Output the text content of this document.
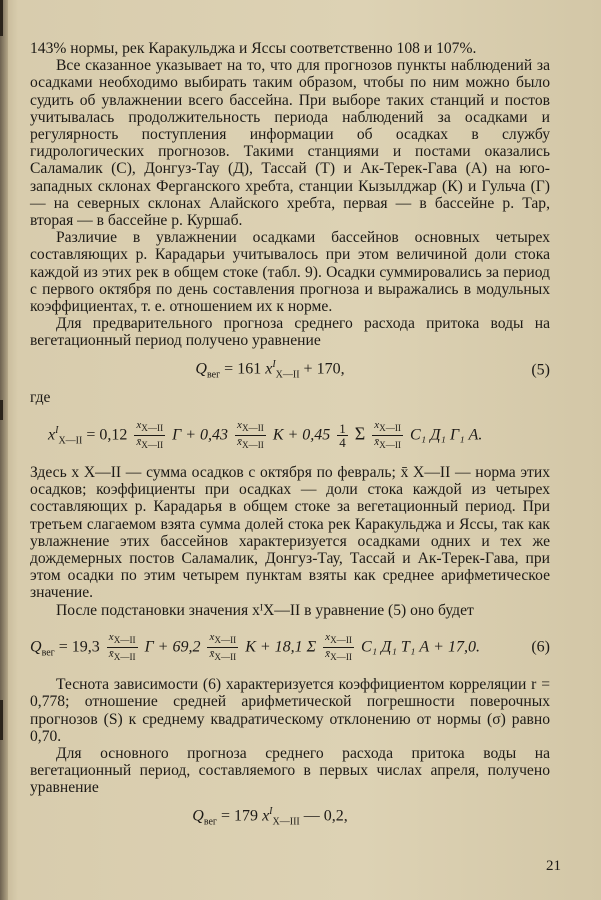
143% нормы, рек Каракульджа и Яссы соответственно 108 и 107%.

Все сказанное указывает на то, что для прогнозов пункты наблюдений за осадками необходимо выбирать таким образом, чтобы по ним можно было судить об увлажнении всего бассейна. При выборе таких станций и постов учитывалась продолжительность периода наблюдений за осадками и регулярность поступления информации об осадках в службу гидрологических прогнозов. Такими станциями и постами оказались Саламалик (С), Донгуз-Тау (Д), Тассай (Т) и Ак-Терек-Гава (А) на юго-западных склонах Ферганского хребта, станции Кызылджар (К) и Гульча (Г) — на северных склонах Алайского хребта, первая — в бассейне р. Тар, вторая — в бассейне р. Куршаб.

Различие в увлажнении осадками бассейнов основных четырех составляющих р. Карадарьи учитывалось при этом величиной доли стока каждой из этих рек в общем стоке (табл. 9). Осадки суммировались за период с первого октября по день составления прогноза и выражались в модульных коэффициентах, т. е. отношением их к норме.

Для предварительного прогноза среднего расхода притока воды на вегетационный период получено уравнение

$Q_{вег} = 161$ $x^I_{X—II} + 170$,	(5)

где

$x^I_{X—II} = 0,12 \frac{x_{X—II}}{x̄_{X—II}}$ $Г + 0,43 \frac{x_{X—II}}{x̄_{X—II}}$ $К + 0,45 \frac{1}{4}$ Σ $\frac{x_{X—II}}{x̄_{X—II}} С_1$ Д₁ Г₁ А.

Здесь x X—II — сумма осадков с октября по февраль; x̄ X—II — норма этих осадков; коэффициенты при осадках — доли стока каждой из четырех составляющих р. Карадарья в общем стоке за вегетационный период. При третьем слагаемом взята сумма долей стока рек Каракульджа и Яссы, так как увлажнение этих бассейнов характеризуется осадками одних и тех же дождемерных постов Саламалик, Донгуз-Тау, Тассай и Ак-Терек-Гава, при этом осадки по этим четырем пунктам взяты как среднее арифметическое значение.

После подстановки значения xᴵX—II в уравнение (5) оно будет

$Q_{вег} = 19,3 \frac{x_{X—II}}{x̄_{X—II}}$ $Г + 69,2 \frac{x_{X—II}}{x̄_{X—II}}$ К + 18,1 Σ $\frac{x_{X—II}}{x̄_{X—II}} С_1$ Д₁ Т₁ А + 17,0.	(6)

Теснота зависимости (6) характеризуется коэффициентом корреляции r = 0,778; отношение средней арифметической погрешности поверочных прогнозов (S) к среднему квадратическому отклонению от нормы (σ) равно 0,70.

Для основного прогноза среднего расхода притока воды на вегетационный период, составляемого в первых числах апреля, получено уравнение

$Q_{вег} = 179$ $x^I_{X—III}$ — 0,2,
21
